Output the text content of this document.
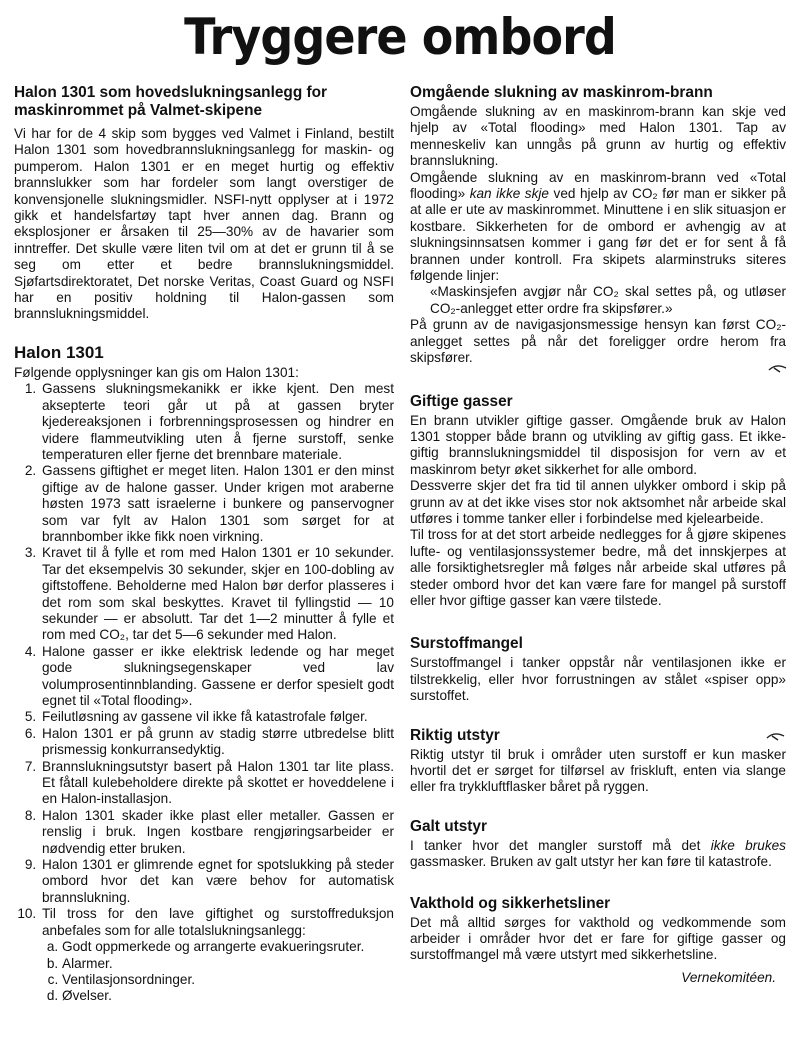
Tryggere ombord
Halon 1301 som hovedslukningsanlegg for maskinrommet på Valmet-skipene

Vi har for de 4 skip som bygges ved Valmet i Finland, bestilt Halon 1301 som hovedbrannslukningsanlegg for maskin- og pumperom. Halon 1301 er en meget hurtig og effektiv brannslukker som har fordeler som langt overstiger de konvensjonelle slukningsmidler. NSFI-nytt opplyser at i 1972 gikk et handelsfartøy tapt hver annen dag. Brann og eksplosjoner er årsaken til 25—30% av de havarier som inntreffer. Det skulle være liten tvil om at det er grunn til å se seg om etter et bedre brannslukningsmiddel. Sjøfartsdirektoratet, Det norske Veritas, Coast Guard og NSFI har en positiv holdning til Halon-gassen som brannslukningsmiddel.

Halon 1301

Følgende opplysninger kan gis om Halon 1301:

1. Gassens slukningsmekanikk er ikke kjent. Den mest aksepterte teori går ut på at gassen bryter kjedereaksjonen i forbrenningsprosessen og hindrer en videre flammeutvikling uten å fjerne surstoff, senke temperaturen eller fjerne det brennbare materiale.
2. Gassens giftighet er meget liten. Halon 1301 er den minst giftige av de halone gasser. Under krigen mot araberne høsten 1973 satt israelerne i bunkere og panservogner som var fylt av Halon 1301 som sørget for at brannbomber ikke fikk noen virkning.
3. Kravet til å fylle et rom med Halon 1301 er 10 sekunder. Tar det eksempelvis 30 sekunder, skjer en 100-dobling av giftstoffene. Beholderne med Halon bør derfor plasseres i det rom som skal beskyttes. Kravet til fyllingstid — 10 sekunder — er absolutt. Tar det 1—2 minutter å fylle et rom med CO₂, tar det 5—6 sekunder med Halon.
4. Halone gasser er ikke elektrisk ledende og har meget gode slukningsegenskaper ved lav volumprosentinnblanding. Gassene er derfor spesielt godt egnet til «Total flooding».
5. Feilutløsning av gassene vil ikke få katastrofale følger.
6. Halon 1301 er på grunn av stadig større utbredelse blitt prismessig konkurransedyktig.
7. Brannslukningsutstyr basert på Halon 1301 tar lite plass. Et fåtall kulebeholdere direkte på skottet er hoveddelene i en Halon-installasjon.
8. Halon 1301 skader ikke plast eller metaller. Gassen er renslig i bruk. Ingen kostbare rengjøringsarbeider er nødvendig etter bruken.
9. Halon 1301 er glimrende egnet for spotslukking på steder ombord hvor det kan være behov for automatisk brannslukning.
10. Til tross for den lave giftighet og surstoffreduksjon anbefales som for alle totalslukningsanlegg:
a. Godt oppmerkede og arrangerte evakueringsruter.
b. Alarmer.
c. Ventilasjonsordninger.
d. Øvelser.
Omgående slukning av maskinrom-brann

Omgående slukning av en maskinrom-brann kan skje ved hjelp av «Total flooding» med Halon 1301. Tap av menneskeliv kan unngås på grunn av hurtig og effektiv brannslukning.

Omgående slukning av en maskinrom-brann ved «Total flooding» kan ikke skje ved hjelp av CO₂ før man er sikker på at alle er ute av maskinrommet. Minuttene i en slik situasjon er kostbare. Sikkerheten for de ombord er avhengig av at slukningsinnsatsen kommer i gang før det er for sent å få brannen under kontroll. Fra skipets alarminstruks siteres følgende linjer:

«Maskinsjefen avgjør når CO₂ skal settes på, og utløser CO₂-anlegget etter ordre fra skipsfører.»

På grunn av de navigasjonsmessige hensyn kan først CO₂-anlegget settes på når det foreligger ordre herom fra skipsfører.

Giftige gasser

En brann utvikler giftige gasser. Omgående bruk av Halon 1301 stopper både brann og utvikling av giftig gass. Et ikke-giftig brannslukningsmiddel til disposisjon for vern av et maskinrom betyr øket sikkerhet for alle ombord.

Dessverre skjer det fra tid til annen ulykker ombord i skip på grunn av at det ikke vises stor nok aktsomhet når arbeide skal utføres i tomme tanker eller i forbindelse med kjelearbeide.

Til tross for at det stort arbeide nedlegges for å gjøre skipenes lufte- og ventilasjonssystemer bedre, må det innskjerpes at alle forsiktighetsregler må følges når arbeide skal utføres på steder ombord hvor det kan være fare for mangel på surstoff eller hvor giftige gasser kan være tilstede.

Surstoffmangel

Surstoffmangel i tanker oppstår når ventilasjonen ikke er tilstrekkelig, eller hvor forrustningen av stålet «spiser opp» surstoffet.

Riktig utstyr

Riktig utstyr til bruk i områder uten surstoff er kun masker hvortil det er sørget for tilførsel av friskluft, enten via slange eller fra trykkluftflasker båret på ryggen.

Galt utstyr

I tanker hvor det mangler surstoff må det ikke brukes gassmasker. Bruken av galt utstyr her kan føre til katastrofe.

Vakthold og sikkerhetsliner

Det må alltid sørges for vakthold og vedkommende som arbeider i områder hvor det er fare for giftige gasser og surstoffmangel må være utstyrt med sikkerhetsline.

Vernekomitéen.
